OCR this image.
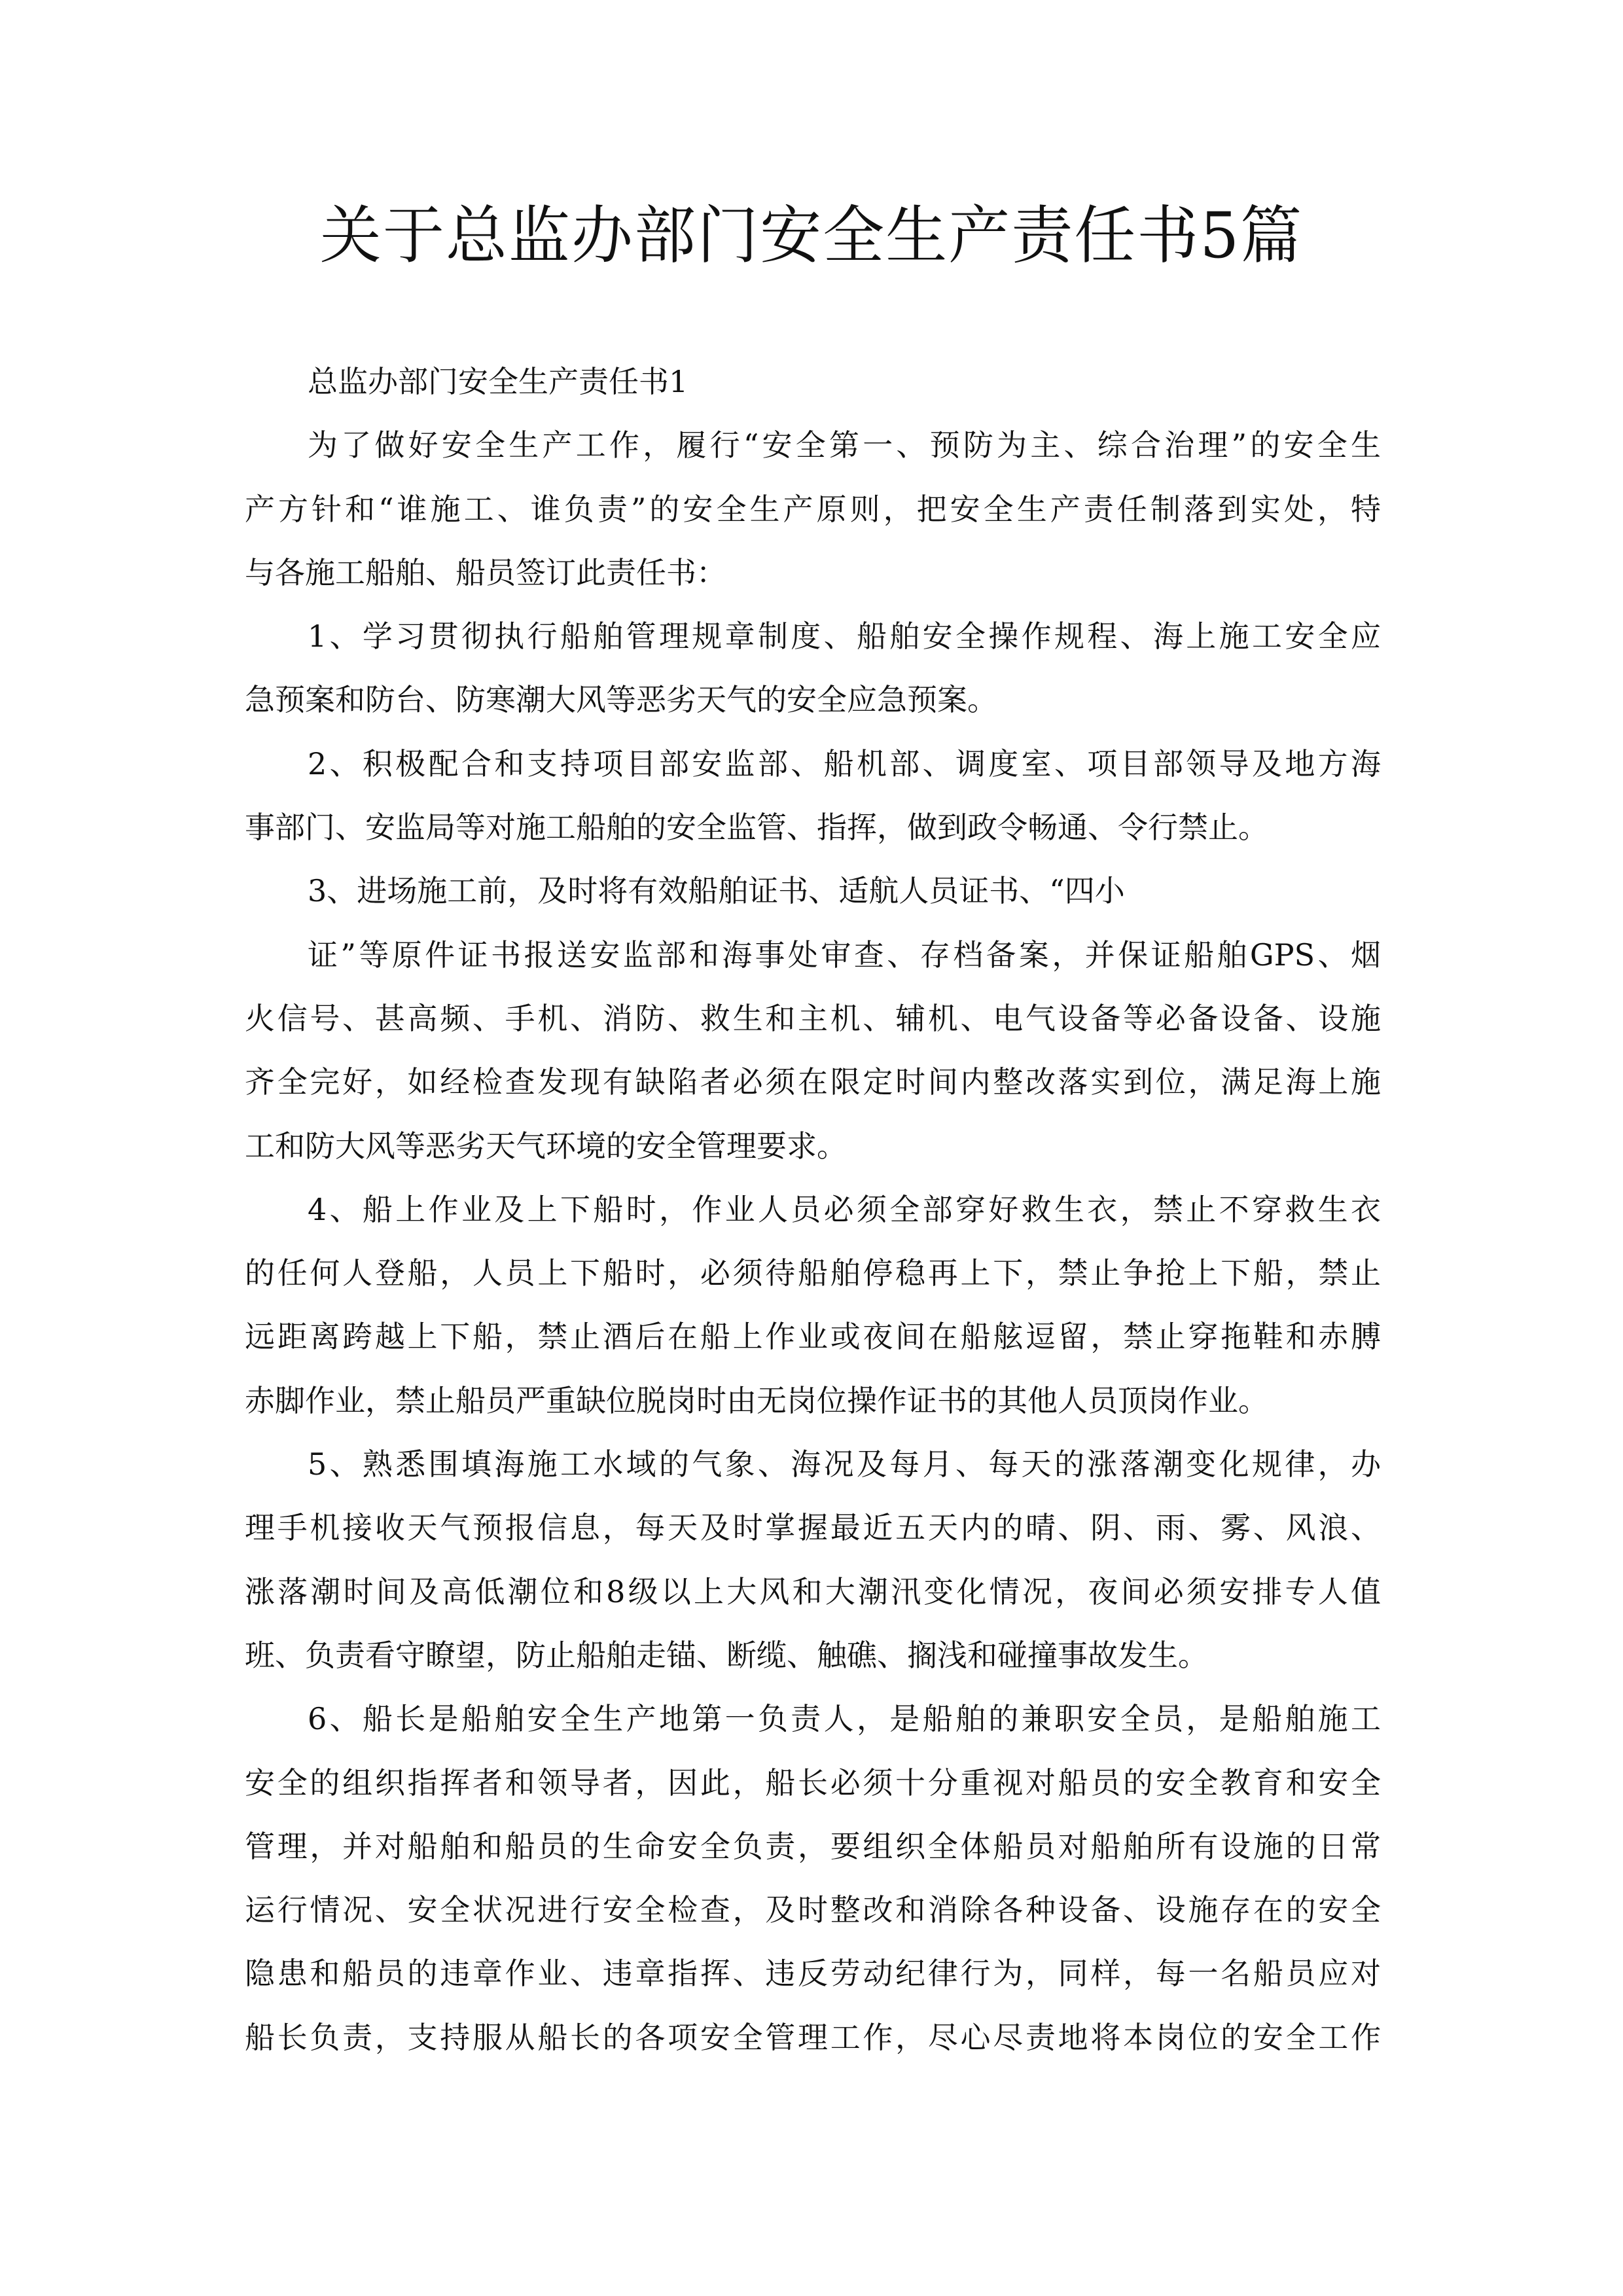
关于总监办部门安全生产责任书5篇

总监办部门安全生产责任书1

为了做好安全生产工作，履行“安全第一、预防为主、综合治理”的安全生
产方针和“谁施工、谁负责”的安全生产原则，把安全生产责任制落到实处，特
与各施工船舶、船员签订此责任书：
1、学习贯彻执行船舶管理规章制度、船舶安全操作规程、海上施工安全应
急预案和防台、防寒潮大风等恶劣天气的安全应急预案。
2、积极配合和支持项目部安监部、船机部、调度室、项目部领导及地方海
事部门、安监局等对施工船舶的安全监管、指挥，做到政令畅通、令行禁止。
3、进场施工前，及时将有效船舶证书、适航人员证书、“四小
证”等原件证书报送安监部和海事处审查、存档备案，并保证船舶GPS、烟
火信号、甚高频、手机、消防、救生和主机、辅机、电气设备等必备设备、设施
齐全完好，如经检查发现有缺陷者必须在限定时间内整改落实到位，满足海上施
工和防大风等恶劣天气环境的安全管理要求。
4、船上作业及上下船时，作业人员必须全部穿好救生衣，禁止不穿救生衣
的任何人登船，人员上下船时，必须待船舶停稳再上下，禁止争抢上下船，禁止
远距离跨越上下船，禁止酒后在船上作业或夜间在船舷逗留，禁止穿拖鞋和赤膊
赤脚作业，禁止船员严重缺位脱岗时由无岗位操作证书的其他人员顶岗作业。
5、熟悉围填海施工水域的气象、海况及每月、每天的涨落潮变化规律，办
理手机接收天气预报信息，每天及时掌握最近五天内的晴、阴、雨、雾、风浪、
涨落潮时间及高低潮位和8级以上大风和大潮汛变化情况，夜间必须安排专人值
班、负责看守瞭望，防止船舶走锚、断缆、触礁、搁浅和碰撞事故发生。
6、船长是船舶安全生产地第一负责人，是船舶的兼职安全员，是船舶施工
安全的组织指挥者和领导者，因此，船长必须十分重视对船员的安全教育和安全
管理，并对船舶和船员的生命安全负责，要组织全体船员对船舶所有设施的日常
运行情况、安全状况进行安全检查，及时整改和消除各种设备、设施存在的安全
隐患和船员的违章作业、违章指挥、违反劳动纪律行为，同样，每一名船员应对
船长负责，支持服从船长的各项安全管理工作，尽心尽责地将本岗位的安全工作
